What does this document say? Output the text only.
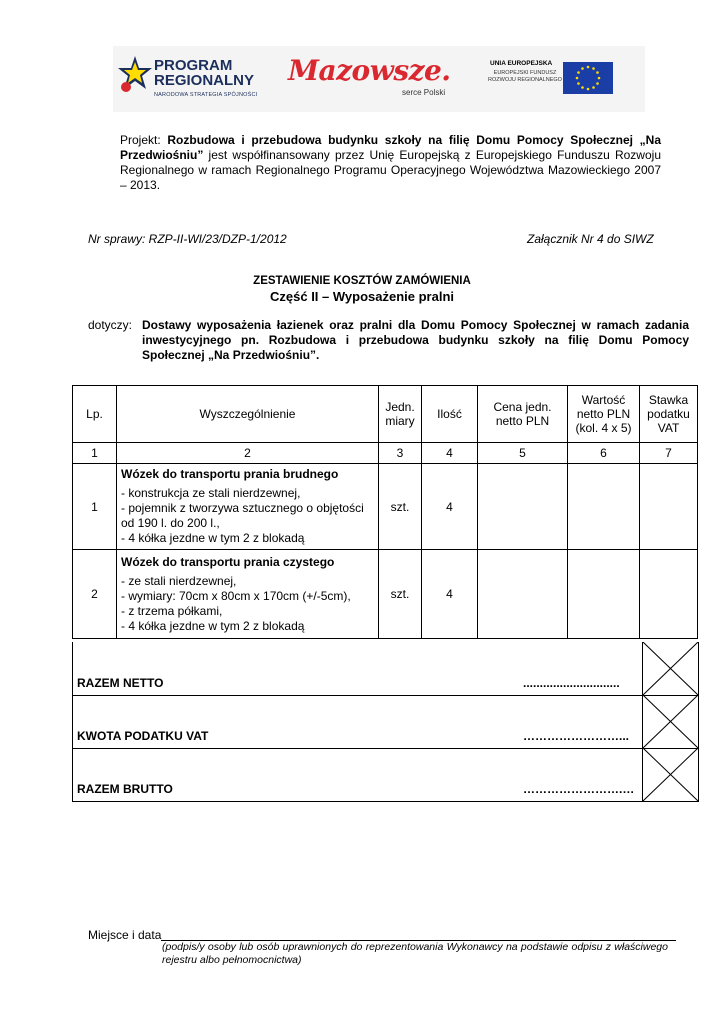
PROGRAM
REGIONALNY
NARODOWA STRATEGIA SPÓJNOŚCI
Mazowsze.
serce Polski
UNIA EUROPEJSKA
EUROPEJSKI FUNDUSZ
ROZWOJU REGIONALNEGO
Projekt: Rozbudowa i przebudowa budynku szkoły na filię Domu Pomocy Społecznej „Na Przedwiośniu” jest współfinansowany przez Unię Europejską z Europejskiego Funduszu Rozwoju Regionalnego w ramach Regionalnego Programu Operacyjnego Województwa Mazowieckiego 2007 – 2013.
Nr sprawy: RZP-II-WI/23/DZP-1/2012	Załącznik Nr 4 do SIWZ
ZESTAWIENIE KOSZTÓW ZAMÓWIENIA
Część II – Wyposażenie pralni
dotyczy: Dostawy wyposażenia łazienek oraz pralni dla Domu Pomocy Społecznej w ramach zadania inwestycyjnego pn. Rozbudowa i przebudowa budynku szkoły na filię Domu Pomocy Społecznej „Na Przedwiośniu”.
Lp.	Wyszczególnienie	Jedn. miary	Ilość	Cena jedn. netto PLN	Wartość netto PLN (kol. 4 x 5)	Stawka podatku VAT
1	2	3	4	5	6	7
1	Wózek do transportu prania brudnego
- konstrukcja ze stali nierdzewnej,
- pojemnik z tworzywa sztucznego o objętości od 190 l. do 200 l.,
- 4 kółka jezdne w tym 2 z blokadą	szt.	4			
2	Wózek do transportu prania czystego
- ze stali nierdzewnej,
- wymiary: 70cm x 80cm x 170cm (+/-5cm),
- z trzema półkami,
- 4 kółka jezdne w tym 2 z blokadą	szt.	4			
RAZEM NETTO	.............................
KWOTA PODATKU VAT	……………………...
RAZEM BRUTTO	…………………….…
Miejsce i data
(podpis/y osoby lub osób uprawnionych do reprezentowania Wykonawcy na podstawie odpisu z właściwego rejestru albo pełnomocnictwa)
